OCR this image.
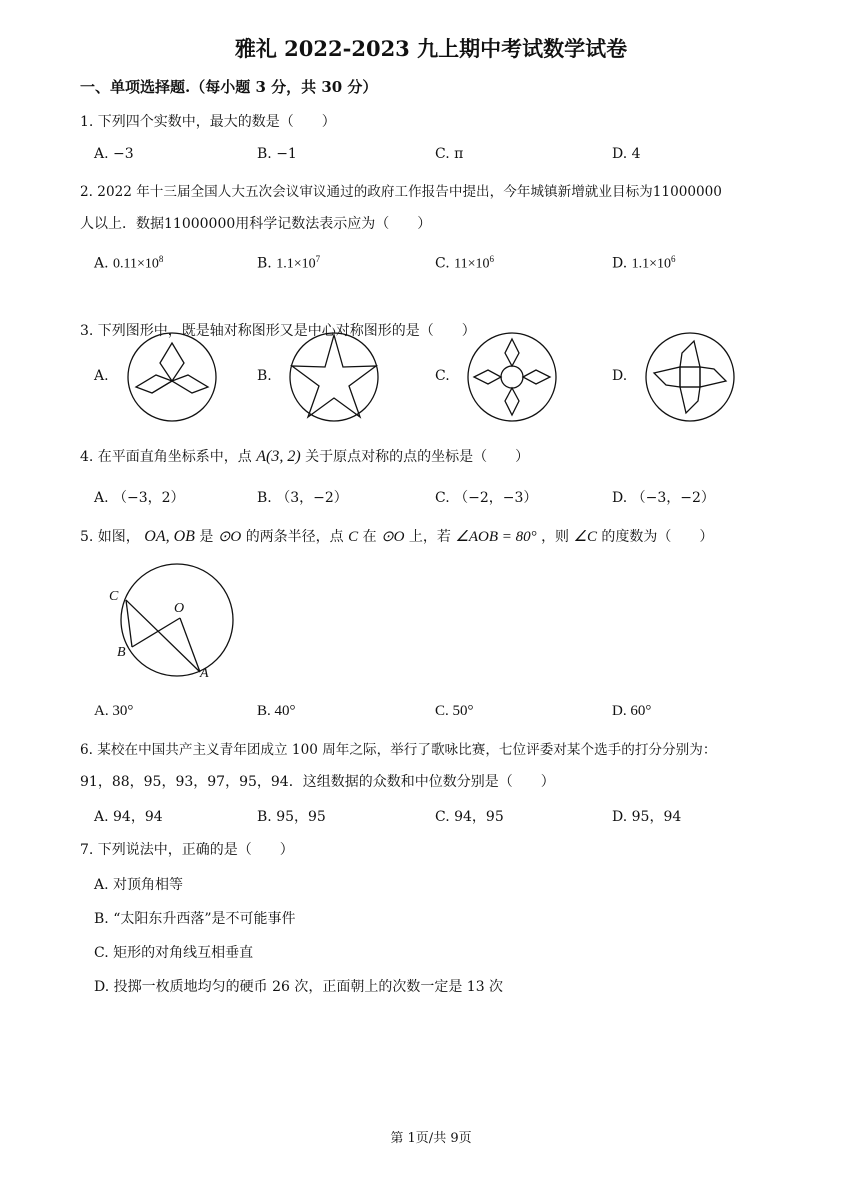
雅礼 2022-2023 九上期中考试数学试卷
一、单项选择题.（每小题 3 分，共 30 分）
1. 下列四个实数中，最大的数是（　　）
A. −3	B. −1	C. π	D. 4
2. 2022 年十三届全国人大五次会议审议通过的政府工作报告中提出，今年城镇新增就业目标为11000000
人以上．数据11000000用科学记数法表示应为（　　）
A. $0.11\times 10^8$	B. $1.1\times 10^7$	C. $11\times 10^6$	D. $1.1\times 10^6$
3. 下列图形中，既是轴对称图形又是中心对称图形的是（　　）
A.	B.	C.	D.
4. 在平面直角坐标系中，点 A(3, 2) 关于原点对称的点的坐标是（　　）
A. （−3，2）	B. （3，−2）	C. （−2，−3）	D. （−3，−2）
5. 如图， OA, OB 是 ⊙O 的两条半径，点 C 在 ⊙O 上，若 ∠AOB = 80° ，则 ∠C 的度数为（　　）
C
O
B
A
A. 30°	B. 40°	C. 50°	D. 60°
6. 某校在中国共产主义青年团成立 100 周年之际，举行了歌咏比赛，七位评委对某个选手的打分分别为：
91，88，95，93，97，95，94．这组数据的众数和中位数分别是（　　）
A. 94，94	B. 95，95	C. 94，95	D. 95，94
7. 下列说法中，正确的是（　　）
A. 对顶角相等
B. “太阳东升西落”是不可能事件
C. 矩形的对角线互相垂直
D. 投掷一枚质地均匀的硬币 26 次，正面朝上的次数一定是 13 次
第 1页/共 9页
